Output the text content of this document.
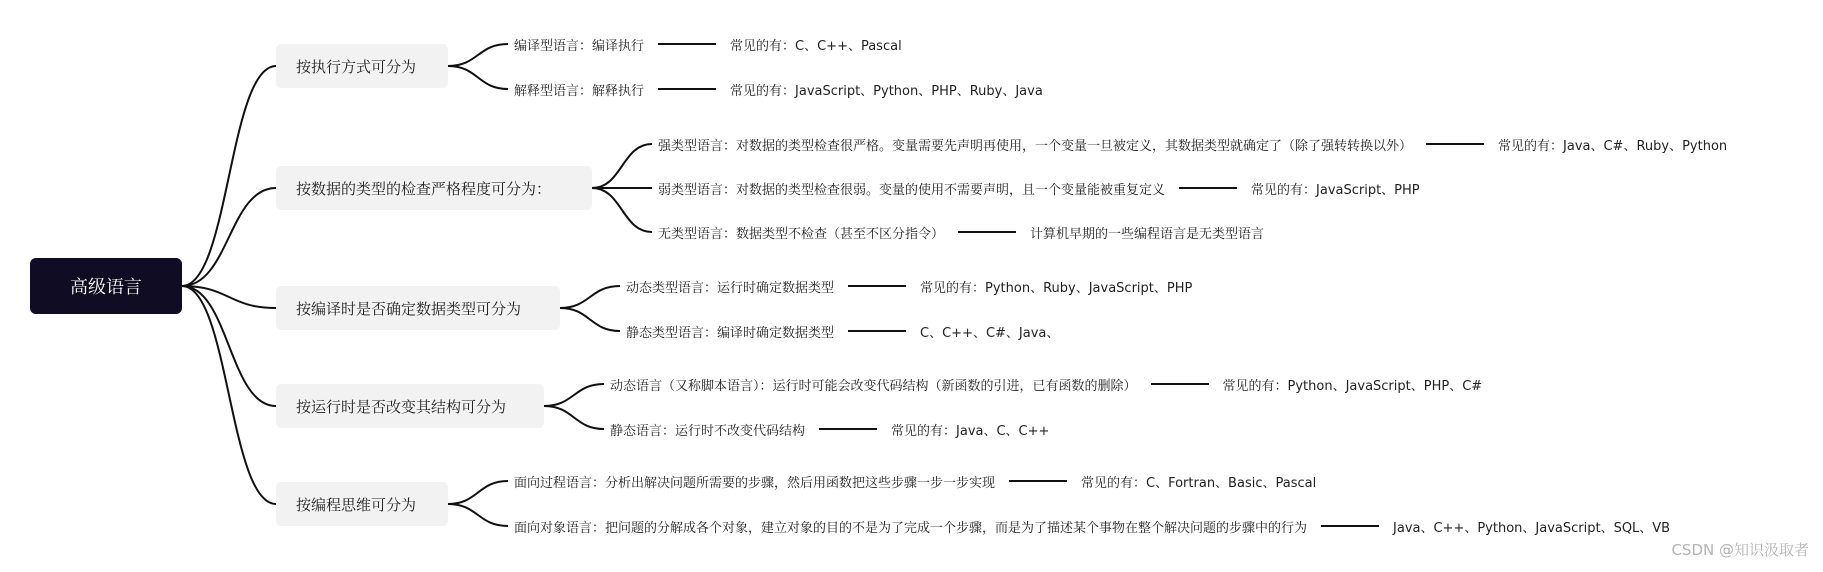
高级语言
按执行方式可分为
编译型语言：编译执行	常见的有：C、C++、Pascal
解释型语言：解释执行	常见的有：JavaScript、Python、PHP、Ruby、Java
按数据的类型的检查严格程度可分为：
强类型语言：对数据的类型检查很严格。变量需要先声明再使用，一个变量一旦被定义，其数据类型就确定了（除了强转转换以外）	常见的有：Java、C#、Ruby、Python
弱类型语言：对数据的类型检查很弱。变量的使用不需要声明，且一个变量能被重复定义	常见的有：JavaScript、PHP
无类型语言：数据类型不检查（甚至不区分指令）	计算机早期的一些编程语言是无类型语言
按编译时是否确定数据类型可分为
动态类型语言：运行时确定数据类型	常见的有：Python、Ruby、JavaScript、PHP
静态类型语言：编译时确定数据类型	C、C++、C#、Java、
按运行时是否改变其结构可分为
动态语言（又称脚本语言）：运行时可能会改变代码结构（新函数的引进，已有函数的删除）	常见的有：Python、JavaScript、PHP、C#
静态语言：运行时不改变代码结构	常见的有：Java、C、C++
按编程思维可分为
面向过程语言：分析出解决问题所需要的步骤，然后用函数把这些步骤一步一步实现	常见的有：C、Fortran、Basic、Pascal
面向对象语言：把问题的分解成各个对象，建立对象的目的不是为了完成一个步骤，而是为了描述某个事物在整个解决问题的步骤中的行为	Java、C++、Python、JavaScript、SQL、VB
CSDN @知识汲取者
